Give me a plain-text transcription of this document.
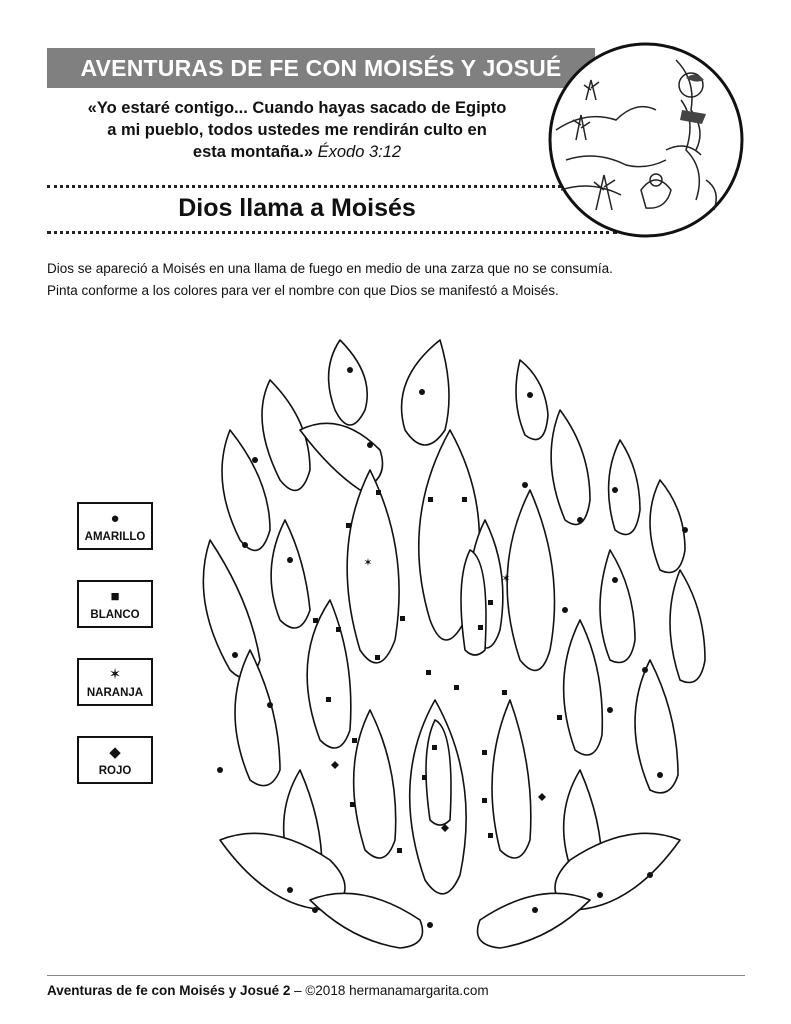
AVENTURAS DE FE CON MOISÉS Y JOSUÉ
«Yo estaré contigo... Cuando hayas sacado de Egipto
a mi pueblo, todos ustedes me rendirán culto en
esta montaña.» Éxodo 3:12
Dios llama a Moisés

Dios se apareció a Moisés en una llama de fuego en medio de una zarza que no se consumía.

Pinta conforme a los colores para ver el nombre con que Dios se manifestó a Moisés.

●
AMARILLO
■
BLANCO
✶
NARANJA
◆
ROJO
✶
✶
Aventuras de fe con Moisés y Josué 2 – ©2018 hermanamargarita.com
